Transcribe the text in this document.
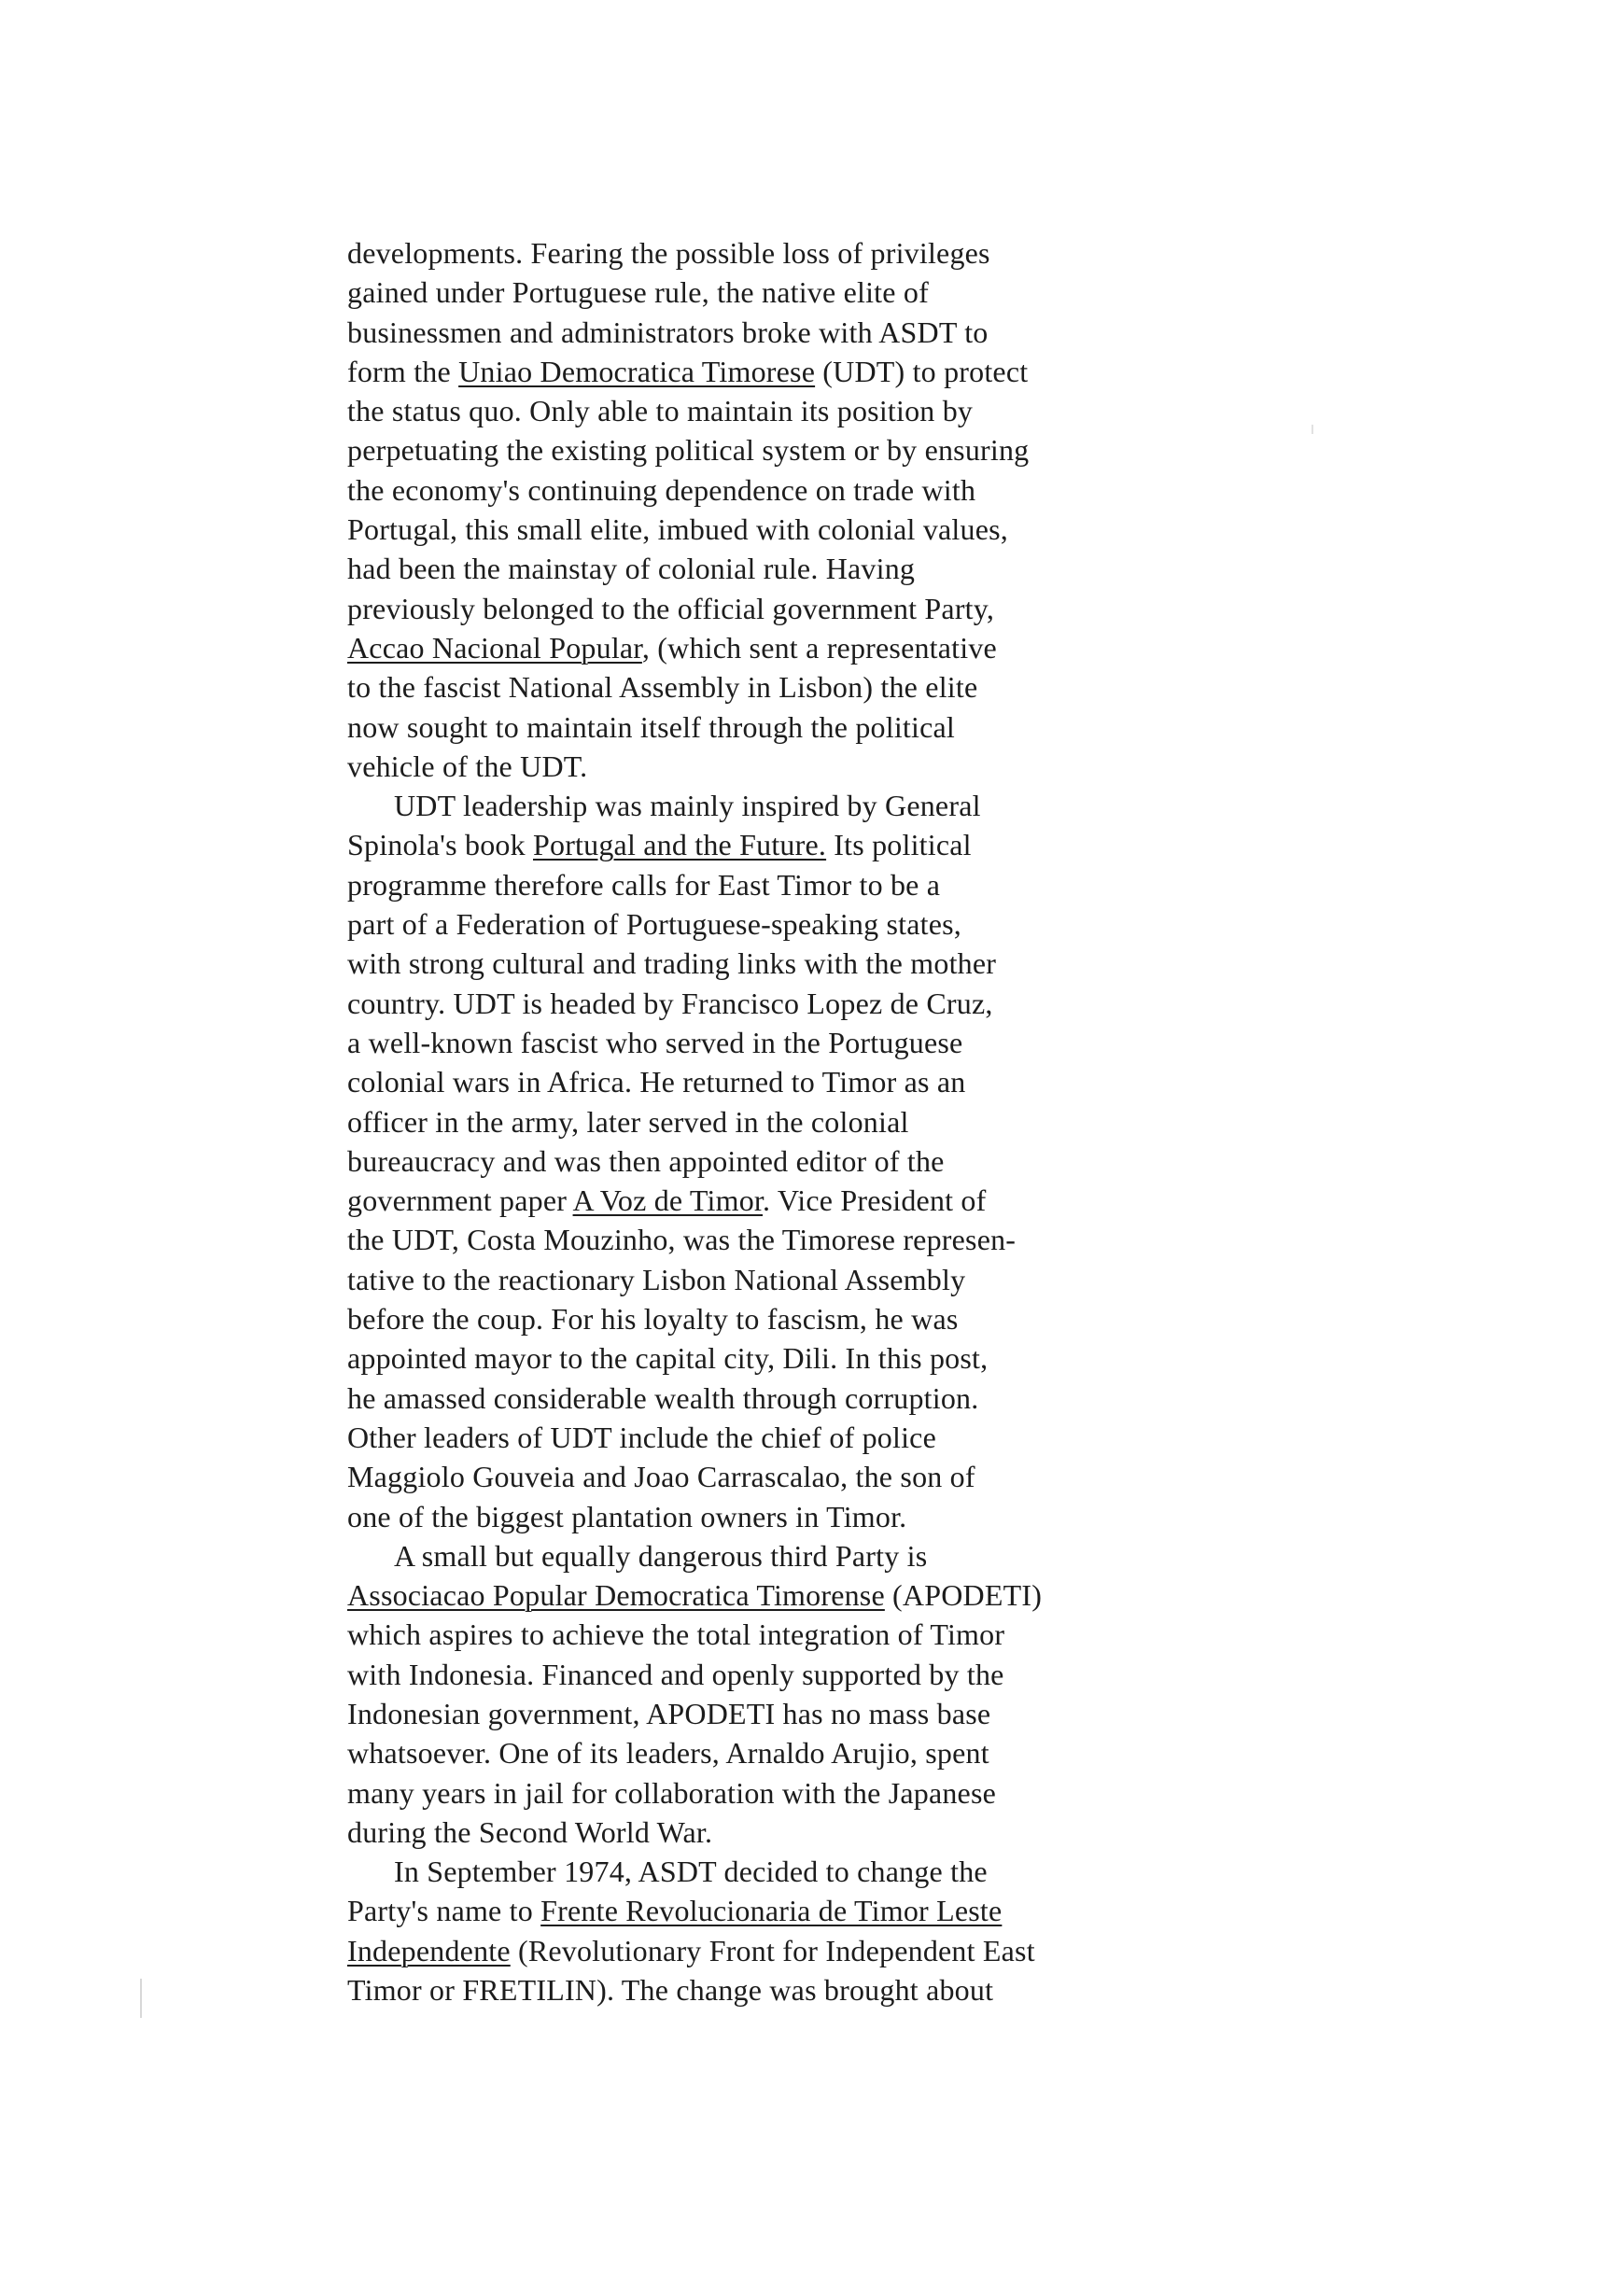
developments. Fearing the possible loss of privileges
gained under Portuguese rule, the native elite of
businessmen and administrators broke with ASDT to
form the Uniao Democratica Timorese (UDT) to protect
the status quo. Only able to maintain its position by
perpetuating the existing political system or by ensuring
the economy's continuing dependence on trade with
Portugal, this small elite, imbued with colonial values,
had been the mainstay of colonial rule. Having
previously belonged to the official government Party,
Accao Nacional Popular, (which sent a representative
to the fascist National Assembly in Lisbon) the elite
now sought to maintain itself through the political
vehicle of the UDT.
UDT leadership was mainly inspired by General
Spinola's book Portugal and the Future. Its political
programme therefore calls for East Timor to be a
part of a Federation of Portuguese-speaking states,
with strong cultural and trading links with the mother
country. UDT is headed by Francisco Lopez de Cruz,
a well-known fascist who served in the Portuguese
colonial wars in Africa. He returned to Timor as an
officer in the army, later served in the colonial
bureaucracy and was then appointed editor of the
government paper A Voz de Timor. Vice President of
the UDT, Costa Mouzinho, was the Timorese represen-
tative to the reactionary Lisbon National Assembly
before the coup. For his loyalty to fascism, he was
appointed mayor to the capital city, Dili. In this post,
he amassed considerable wealth through corruption.
Other leaders of UDT include the chief of police
Maggiolo Gouveia and Joao Carrascalao, the son of
one of the biggest plantation owners in Timor.
A small but equally dangerous third Party is
Associacao Popular Democratica Timorense (APODETI)
which aspires to achieve the total integration of Timor
with Indonesia. Financed and openly supported by the
Indonesian government, APODETI has no mass base
whatsoever. One of its leaders, Arnaldo Arujio, spent
many years in jail for collaboration with the Japanese
during the Second World War.
In September 1974, ASDT decided to change the
Party's name to Frente Revolucionaria de Timor Leste
Independente (Revolutionary Front for Independent East
Timor or FRETILIN). The change was brought about
